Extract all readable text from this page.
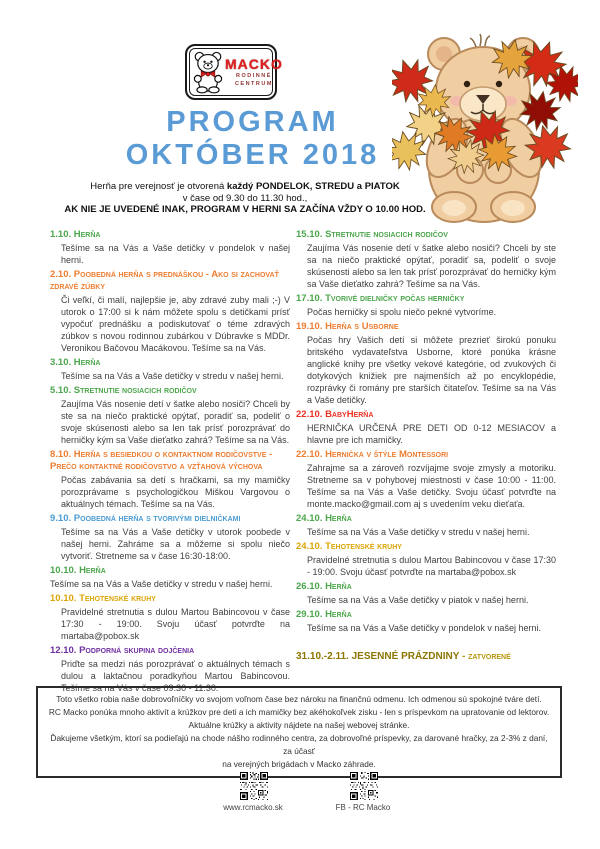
MACKO
RODINNÉ
CENTRUM
PROGRAM
OKTÓBER 2018
Herňa pre verejnosť je otvorená každý PONDELOK, STREDU a PIATOK
v čase od 9.30 do 11.30 hod.,
AK NIE JE UVEDENÉ INAK, PROGRAM V HERNI SA ZAČÍNA VŽDY O 10.00 HOD.
1.10. Herňa

Tešíme sa na Vás a Vaše detičky v pondelok v našej herni.

2.10. Poobedná herňa s prednáškou - Ako si zachovať zdravé zúbky

Či veľkí, či malí, najlepšie je, aby zdravé zuby mali ;-) V utorok o 17:00 si k nám môžete spolu s detičkami prísť vypočuť prednášku a podiskutovať o téme zdravých zúbkov s novou rodinnou zubárkou v Dúbravke s MDDr. Veronikou Bačovou Macákovou. Tešíme sa na Vás.

3.10. Herňa

Tešíme sa na Vás a Vaše detičky v stredu v našej herni.

5.10. Stretnutie nosiacich rodičov

Zaujíma Vás nosenie detí v šatke alebo nosiči? Chceli by ste sa na niečo praktické opýtať, poradiť sa, podeliť o svoje skúsenosti alebo sa len tak prísť porozprávať do herničky kým sa Vaše dieťatko zahrá? Tešíme sa na Vás.

8.10. Herňa s besiedkou o kontaktnom rodičovstve - Prečo kontaktné rodičovstvo a vzťahová výchova

Počas zabávania sa detí s hračkami, sa my mamičky porozprávame s psychologičkou Miškou Vargovou o aktuálnych témach. Tešíme sa na Vás.

9.10. Poobedná herňa s tvorivými dielničkami

Tešíme sa na Vás a Vaše detičky v utorok poobede v našej herni. Zahráme sa a môžeme si spolu niečo vytvoriť. Stretneme sa v čase 16:30-18:00.

10.10. Herňa

Tešíme sa na Vás a Vaše detičky v stredu v našej herni.

10.10. Tehotenské kruhy

Pravidelné stretnutia s dulou Martou Babincovou v čase 17:30 - 19:00. Svoju účasť potvrďte na martaba@pobox.sk

12.10. Podporná skupina dojčenia

Priďte sa medzi nás porozprávať o aktuálnych témach s dulou a laktačnou poradkyňou Martou Babincovou. Tešíme sa na Vás v čase 09:30 - 11:30.

15.10. Stretnutie nosiacich rodičov

Zaujíma Vás nosenie detí v šatke alebo nosiči? Chceli by ste sa na niečo praktické opýtať, poradiť sa, podeliť o svoje skúsenosti alebo sa len tak prísť porozprávať do herničky kým sa Vaše dieťatko zahrá? Tešíme sa na Vás.

17.10. Tvorivé dielničky počas herničky

Počas herničky si spolu niečo pekné vytvoríme.

19.10. Herňa s Usborne

Počas hry Vašich detí si môžete prezrieť širokú ponuku britského vydavateľstva Usborne, ktoré ponúka krásne anglické knihy pre všetky vekové kategórie, od zvukových či dotykových knižiek pre najmenších až po encyklopédie, rozprávky či romány pre starších čitateľov. Tešíme sa na Vás a Vaše detičky.

22.10. BabyHerňa

HERNIČKA URČENÁ PRE DETI OD 0-12 MESIACOV a hlavne pre ich mamičky.

22.10. Hernička v štýle Montessori

Zahrajme sa a zároveň rozvíjajme svoje zmysly a motoriku. Stretneme sa v pohybovej miestnosti v čase 10:00 - 11:00. Tešíme sa na Vás a Vaše detičky. Svoju účasť potvrďte na monte.macko@gmail.com aj s uvedením veku dieťaťa.

24.10. Herňa

Tešíme sa na Vás a Vaše detičky v stredu v našej herni.

24.10. Tehotenské kruhy

Pravidelné stretnutia s dulou Martou Babincovou v čase 17:30 - 19:00. Svoju účasť potvrďte na martaba@pobox.sk

26.10. Herňa

Tešíme sa na Vás a Vaše detičky v piatok v našej herni.

29.10. Herňa

Tešíme sa na Vás a Vaše detičky v pondelok v našej herni.

31.10.-2.11. JESENNÉ PRÁZDNINY - zatvorené
Toto všetko robia naše dobrovoľníčky vo svojom voľnom čase bez nároku na finančnú odmenu. Ich odmenou sú spokojné tváre detí.
RC Macko ponúka mnoho aktivít a krúžkov pre deti a ich mamičky bez akéhokoľvek zisku - len s príspevkom na upratovanie od lektorov.
Aktuálne krúžky a aktivity nájdete na našej webovej stránke.
Ďakujeme všetkým, ktorí sa podieľajú na chode nášho rodinného centra, za dobrovoľné príspevky, za darované hračky, za 2-3% z daní, za účasť
na verejných brigádach v Macko záhrade.
www.rcmacko.sk	FB - RC Macko
